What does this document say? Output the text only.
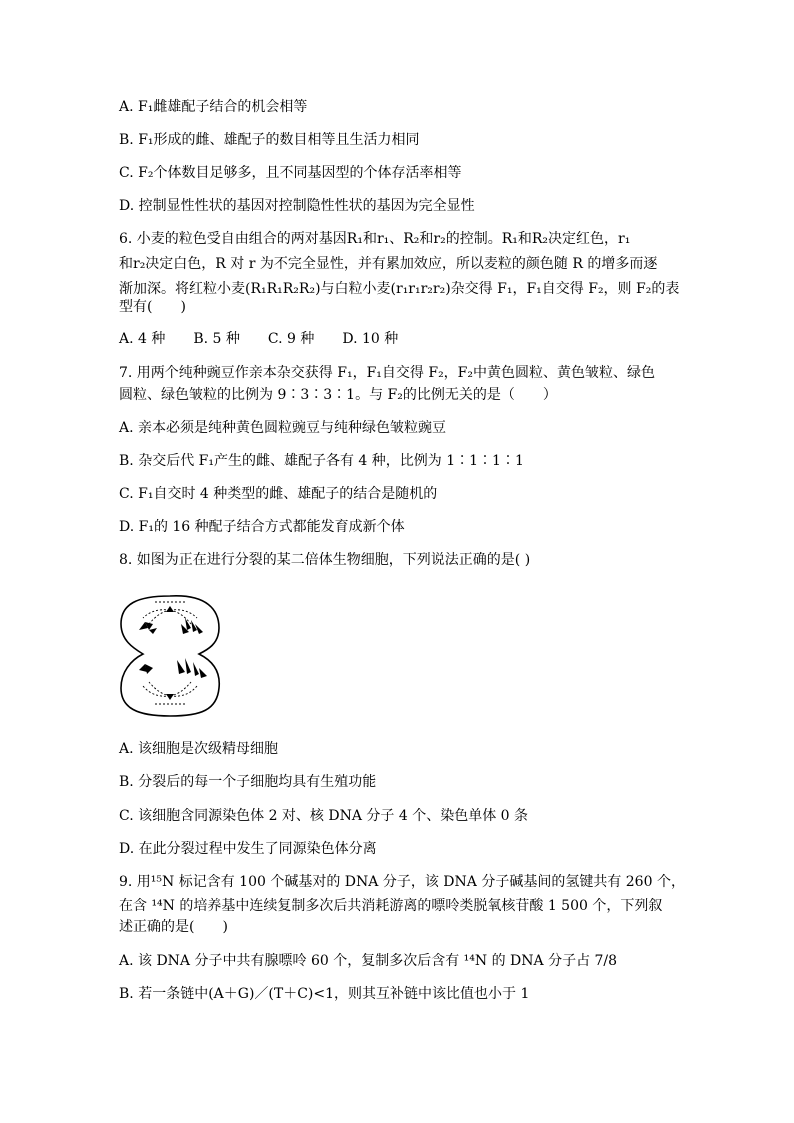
A. F₁雌雄配子结合的机会相等
B. F₁形成的雌、雄配子的数目相等且生活力相同
C. F₂个体数目足够多，且不同基因型的个体存活率相等
D. 控制显性性状的基因对控制隐性性状的基因为完全显性
6. 小麦的粒色受自由组合的两对基因R₁和r₁、R₂和r₂的控制。R₁和R₂决定红色，r₁
和r₂决定白色，R 对 r 为不完全显性，并有累加效应，所以麦粒的颜色随 R 的增多而逐
渐加深。将红粒小麦(R₁R₁R₂R₂)与白粒小麦(r₁r₁r₂r₂)杂交得 F₁，F₁自交得 F₂，则 F₂的表
型有(　　)
A. 4 种　　B. 5 种　　C. 9 种　　D. 10 种
7. 用两个纯种豌豆作亲本杂交获得 F₁，F₁自交得 F₂，F₂中黄色圆粒、黄色皱粒、绿色
圆粒、绿色皱粒的比例为 9∶3∶3∶1。与 F₂的比例无关的是（　　）
A. 亲本必须是纯种黄色圆粒豌豆与纯种绿色皱粒豌豆
B. 杂交后代 F₁产生的雌、雄配子各有 4 种，比例为 1∶1∶1∶1
C. F₁自交时 4 种类型的雌、雄配子的结合是随机的
D. F₁的 16 种配子结合方式都能发育成新个体
8. 如图为正在进行分裂的某二倍体生物细胞，下列说法正确的是( )
A. 该细胞是次级精母细胞
B. 分裂后的每一个子细胞均具有生殖功能
C. 该细胞含同源染色体 2 对、核 DNA 分子 4 个、染色单体 0 条
D. 在此分裂过程中发生了同源染色体分离
9. 用¹⁵N 标记含有 100 个碱基对的 DNA 分子，该 DNA 分子碱基间的氢键共有 260 个，
在含 ¹⁴N 的培养基中连续复制多次后共消耗游离的嘌呤类脱氧核苷酸 1 500 个，下列叙
述正确的是(　　)
A. 该 DNA 分子中共有腺嘌呤 60 个，复制多次后含有 ¹⁴N 的 DNA 分子占 7/8
B. 若一条链中(A＋G)／(T＋C)<1，则其互补链中该比值也小于 1
